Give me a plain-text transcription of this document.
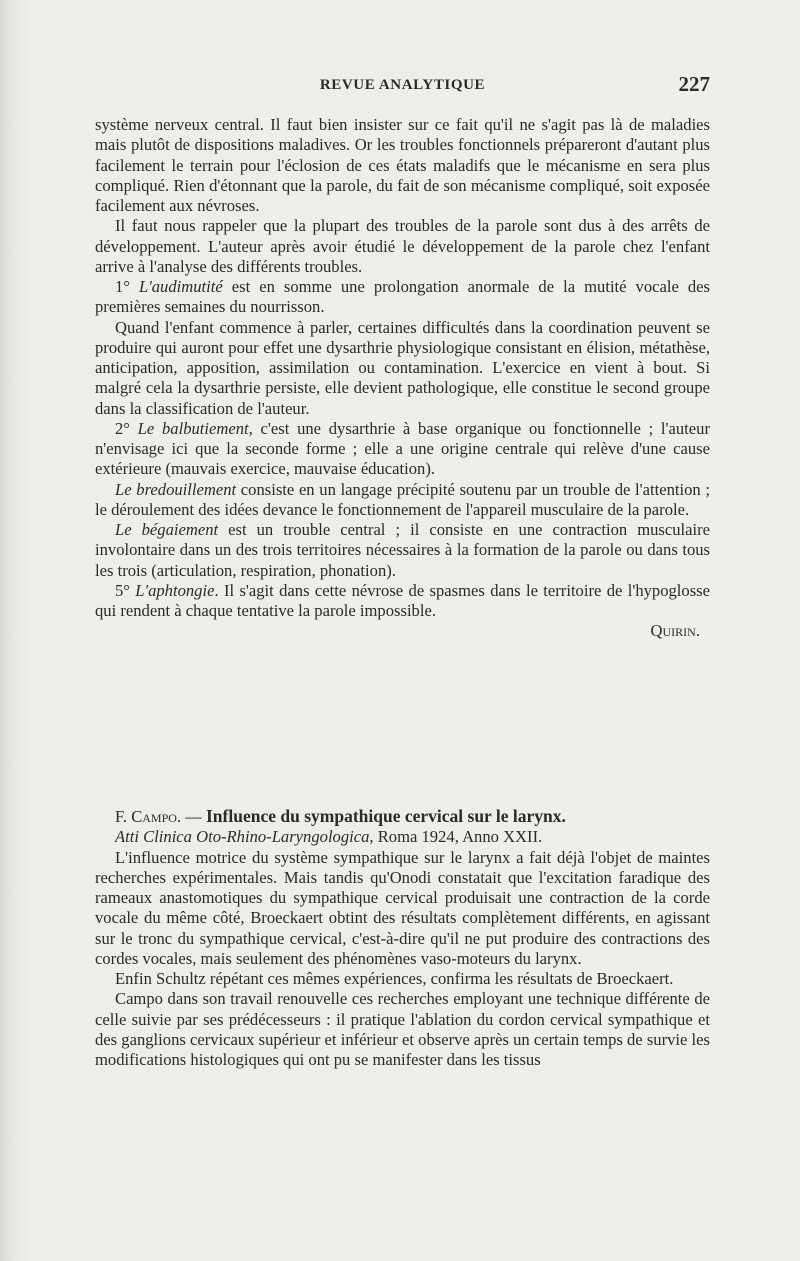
REVUE ANALYTIQUE	227

système nerveux central. Il faut bien insister sur ce fait qu'il ne s'agit pas là de maladies mais plutôt de dispositions maladives. Or les troubles fonctionnels prépareront d'autant plus facilement le terrain pour l'éclosion de ces états maladifs que le mécanisme en sera plus compliqué. Rien d'étonnant que la parole, du fait de son mécanisme compliqué, soit exposée facilement aux névroses.

Il faut nous rappeler que la plupart des troubles de la parole sont dus à des arrêts de développement. L'auteur après avoir étudié le développement de la parole chez l'enfant arrive à l'analyse des différents troubles.

1° L'audimutité est en somme une prolongation anormale de la mutité vocale des premières semaines du nourrisson.

Quand l'enfant commence à parler, certaines difficultés dans la coordination peuvent se produire qui auront pour effet une dysarthrie physiologique consistant en élision, métathèse, anticipation, apposition, assimilation ou contamination. L'exercice en vient à bout. Si malgré cela la dysarthrie persiste, elle devient pathologique, elle constitue le second groupe dans la classification de l'auteur.

2° Le balbutiement, c'est une dysarthrie à base organique ou fonctionnelle ; l'auteur n'envisage ici que la seconde forme ; elle a une origine centrale qui relève d'une cause extérieure (mauvais exercice, mauvaise éducation).

Le bredouillement consiste en un langage précipité soutenu par un trouble de l'attention ; le déroulement des idées devance le fonctionnement de l'appareil musculaire de la parole.

Le bégaiement est un trouble central ; il consiste en une contraction musculaire involontaire dans un des trois territoires nécessaires à la formation de la parole ou dans tous les trois (articulation, respiration, phonation).

5° L'aphtongie. Il s'agit dans cette névrose de spasmes dans le territoire de l'hypoglosse qui rendent à chaque tentative la parole impossible.

Quirin.

F. Campo. — Influence du sympathique cervical sur le larynx.
Atti Clinica Oto-Rhino-Laryngologica, Roma 1924, Anno XXII.

L'influence motrice du système sympathique sur le larynx a fait déjà l'objet de maintes recherches expérimentales. Mais tandis qu'Onodi constatait que l'excitation faradique des rameaux anastomotiques du sympathique cervical produisait une contraction de la corde vocale du même côté, Broeckaert obtint des résultats complètement différents, en agissant sur le tronc du sympathique cervical, c'est-à-dire qu'il ne put produire des contractions des cordes vocales, mais seulement des phénomènes vaso-moteurs du larynx.

Enfin Schultz répétant ces mêmes expériences, confirma les résultats de Broeckaert.

Campo dans son travail renouvelle ces recherches employant une technique différente de celle suivie par ses prédécesseurs : il pratique l'ablation du cordon cervical sympathique et des ganglions cervicaux supérieur et inférieur et observe après un certain temps de survie les modifications histologiques qui ont pu se manifester dans les tissus
